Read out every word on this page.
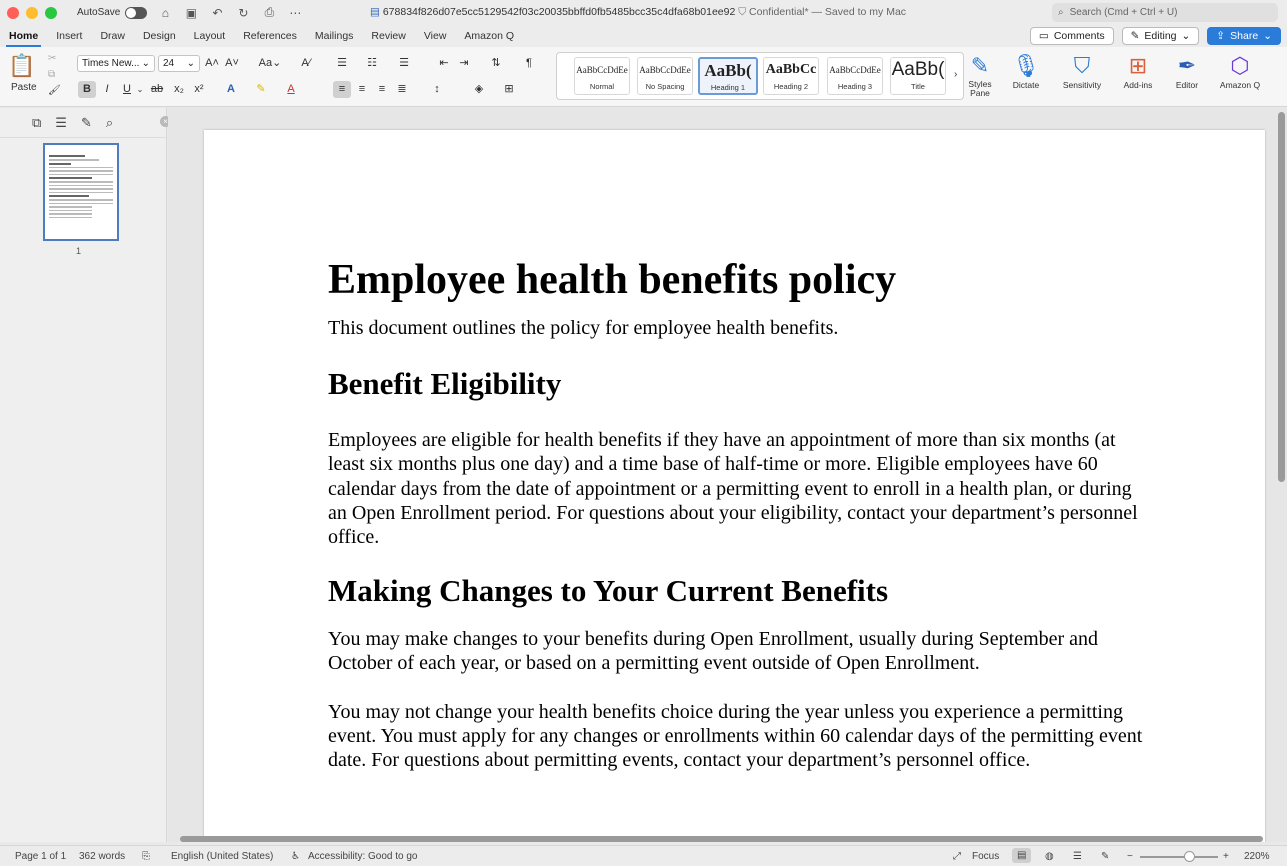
AutoSave	⌂	▣ ↶ ↻ ⎙ ⋯	▤ 678834f826d07e5cc5129542f03c20035bbffd0fb5485bcc35c4dfa68b01ee92 ⛉ Confidential* — Saved to my Mac	⌕ Search (Cmd + Ctrl + U)
Home	Insert	Draw	Design	Layout	References	Mailings	Review	View	Amazon Q	▭ Comments ✎ Editing ⌄ ⇪ Share ⌄
📋
Paste
✂
⧉
🖌
Times New... ⌄ 24 ⌄ A˄ A˅	Aa⌄	A⁄
B	I	U ⌄ ab x₂ x²	A	✎	A
☰	☷	☰	⇤ ⇥	⇅	¶
≡	≡	≡	≣	↕	◈	⊞
AaBbCcDdEe
Normal
AaBbCcDdEe
No Spacing
AaBb(
Heading 1
AaBbCc
Heading 2
AaBbCcDdEe
Heading 3
AaBb(
Title
› ✎
Styles Pane
🎙
Dictate
⛉
Sensitivity
⊞
Add-ins
✒
Editor
⬡
Amazon Q
⧉ ☰ ✎ ⌕	×
1
Employee health benefits policy
This document outlines the policy for employee health benefits.
Benefit Eligibility
Employees are eligible for health benefits if they have an appointment of more than six months (at least six months plus one day) and a time base of half-time or more. Eligible employees have 60 calendar days from the date of appointment or a permitting event to enroll in a health plan, or during an Open Enrollment period. For questions about your eligibility, contact your department’s personnel office.
Making Changes to Your Current Benefits
You may make changes to your benefits during Open Enrollment, usually during September and October of each year, or based on a permitting event outside of Open Enrollment.
You may not change your health benefits choice during the year unless you experience a permitting event. You must apply for any changes or enrollments within 60 calendar days of the permitting event date. For questions about permitting events, contact your department’s personnel office.
Page 1 of 1 362 words ⎘ English (United States) ♿ Accessibility: Good to go	⤢ Focus	▤	◍ ☰ ✎ −	+ 220%
